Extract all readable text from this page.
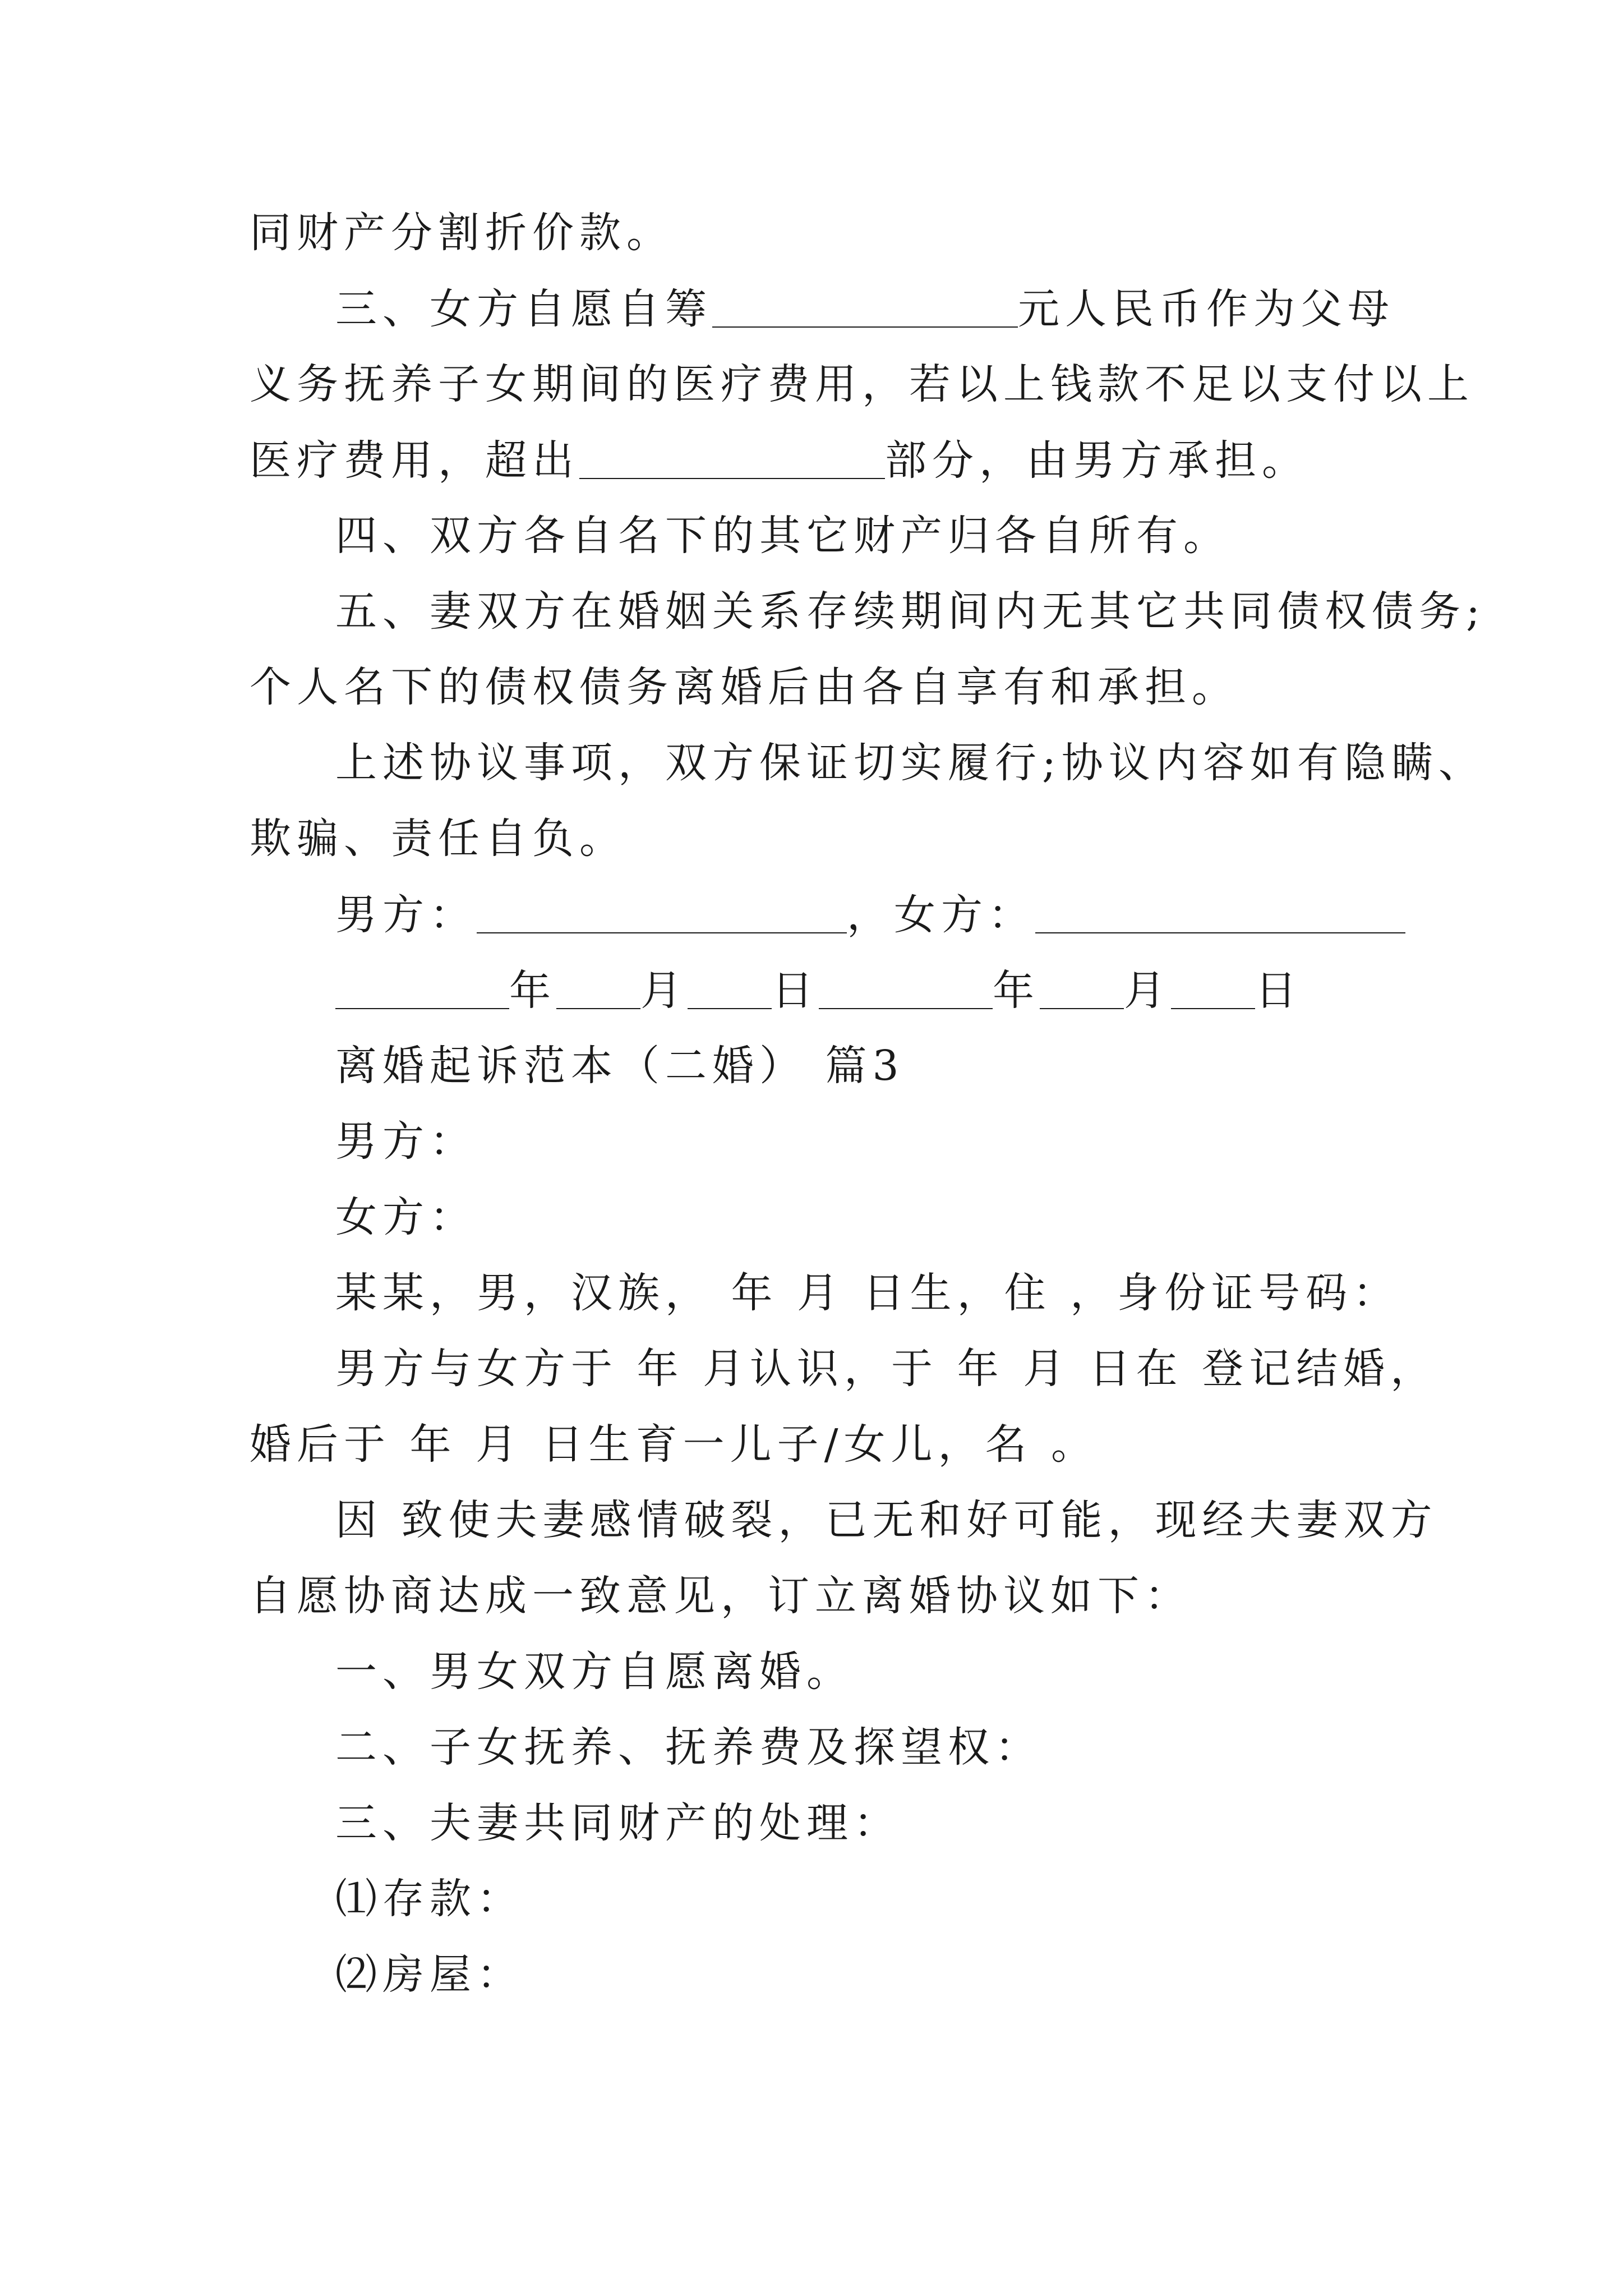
同财产分割折价款。
三、女方自愿自筹	元人民币作为父母
义务抚养子女期间的医疗费用，若以上钱款不足以支付以上
医疗费用，超出	部分，由男方承担。
四、双方各自名下的其它财产归各自所有。
五、妻双方在婚姻关系存续期间内无其它共同债权债务;
个人名下的债权债务离婚后由各自享有和承担。
上述协议事项，双方保证切实履行;协议内容如有隐瞒、
欺骗、责任自负。
男方：	，女方：
年 月 日	年 月 日
离婚起诉范本（二婚） 篇3
男方：
女方：
某某，男，汉族， 年 月 日生，住 ，身份证号码：
男方与女方于 年 月认识，于 年 月 日在 登记结婚，
婚后于 年 月 日生育一儿子/女儿，名 。
因 致使夫妻感情破裂，已无和好可能，现经夫妻双方
自愿协商达成一致意见，订立离婚协议如下：
一、男女双方自愿离婚。
二、子女抚养、抚养费及探望权：
三、夫妻共同财产的处理：
⑴存款：
⑵房屋：
